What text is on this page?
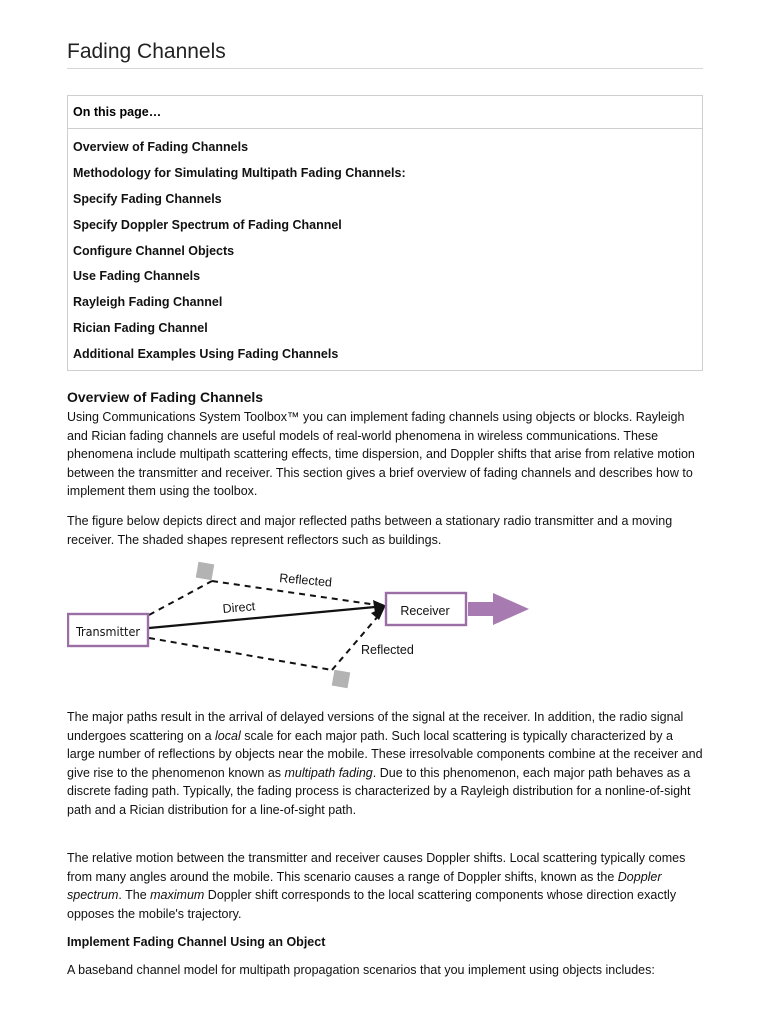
Fading Channels
On this page…
Overview of Fading Channels
Methodology for Simulating Multipath Fading Channels:
Specify Fading Channels
Specify Doppler Spectrum of Fading Channel
Configure Channel Objects
Use Fading Channels
Rayleigh Fading Channel
Rician Fading Channel
Additional Examples Using Fading Channels
Overview of Fading Channels
Using Communications System Toolbox™ you can implement fading channels using objects or blocks. Rayleigh and Rician fading channels are useful models of real-world phenomena in wireless communications. These phenomena include multipath scattering effects, time dispersion, and Doppler shifts that arise from relative motion between the transmitter and receiver. This section gives a brief overview of fading channels and describes how to implement them using the toolbox.
The figure below depicts direct and major reflected paths between a stationary radio transmitter and a moving receiver. The shaded shapes represent reflectors such as buildings.
Transmitter
Receiver
Direct
Reflected
Reflected
The major paths result in the arrival of delayed versions of the signal at the receiver. In addition, the radio signal undergoes scattering on a local scale for each major path. Such local scattering is typically characterized by a large number of reflections by objects near the mobile. These irresolvable components combine at the receiver and give rise to the phenomenon known as multipath fading. Due to this phenomenon, each major path behaves as a discrete fading path. Typically, the fading process is characterized by a Rayleigh distribution for a nonline-of-sight path and a Rician distribution for a line-of-sight path.
The relative motion between the transmitter and receiver causes Doppler shifts. Local scattering typically comes from many angles around the mobile. This scenario causes a range of Doppler shifts, known as the Doppler spectrum. The maximum Doppler shift corresponds to the local scattering components whose direction exactly opposes the mobile's trajectory.
Implement Fading Channel Using an Object
A baseband channel model for multipath propagation scenarios that you implement using objects includes:
